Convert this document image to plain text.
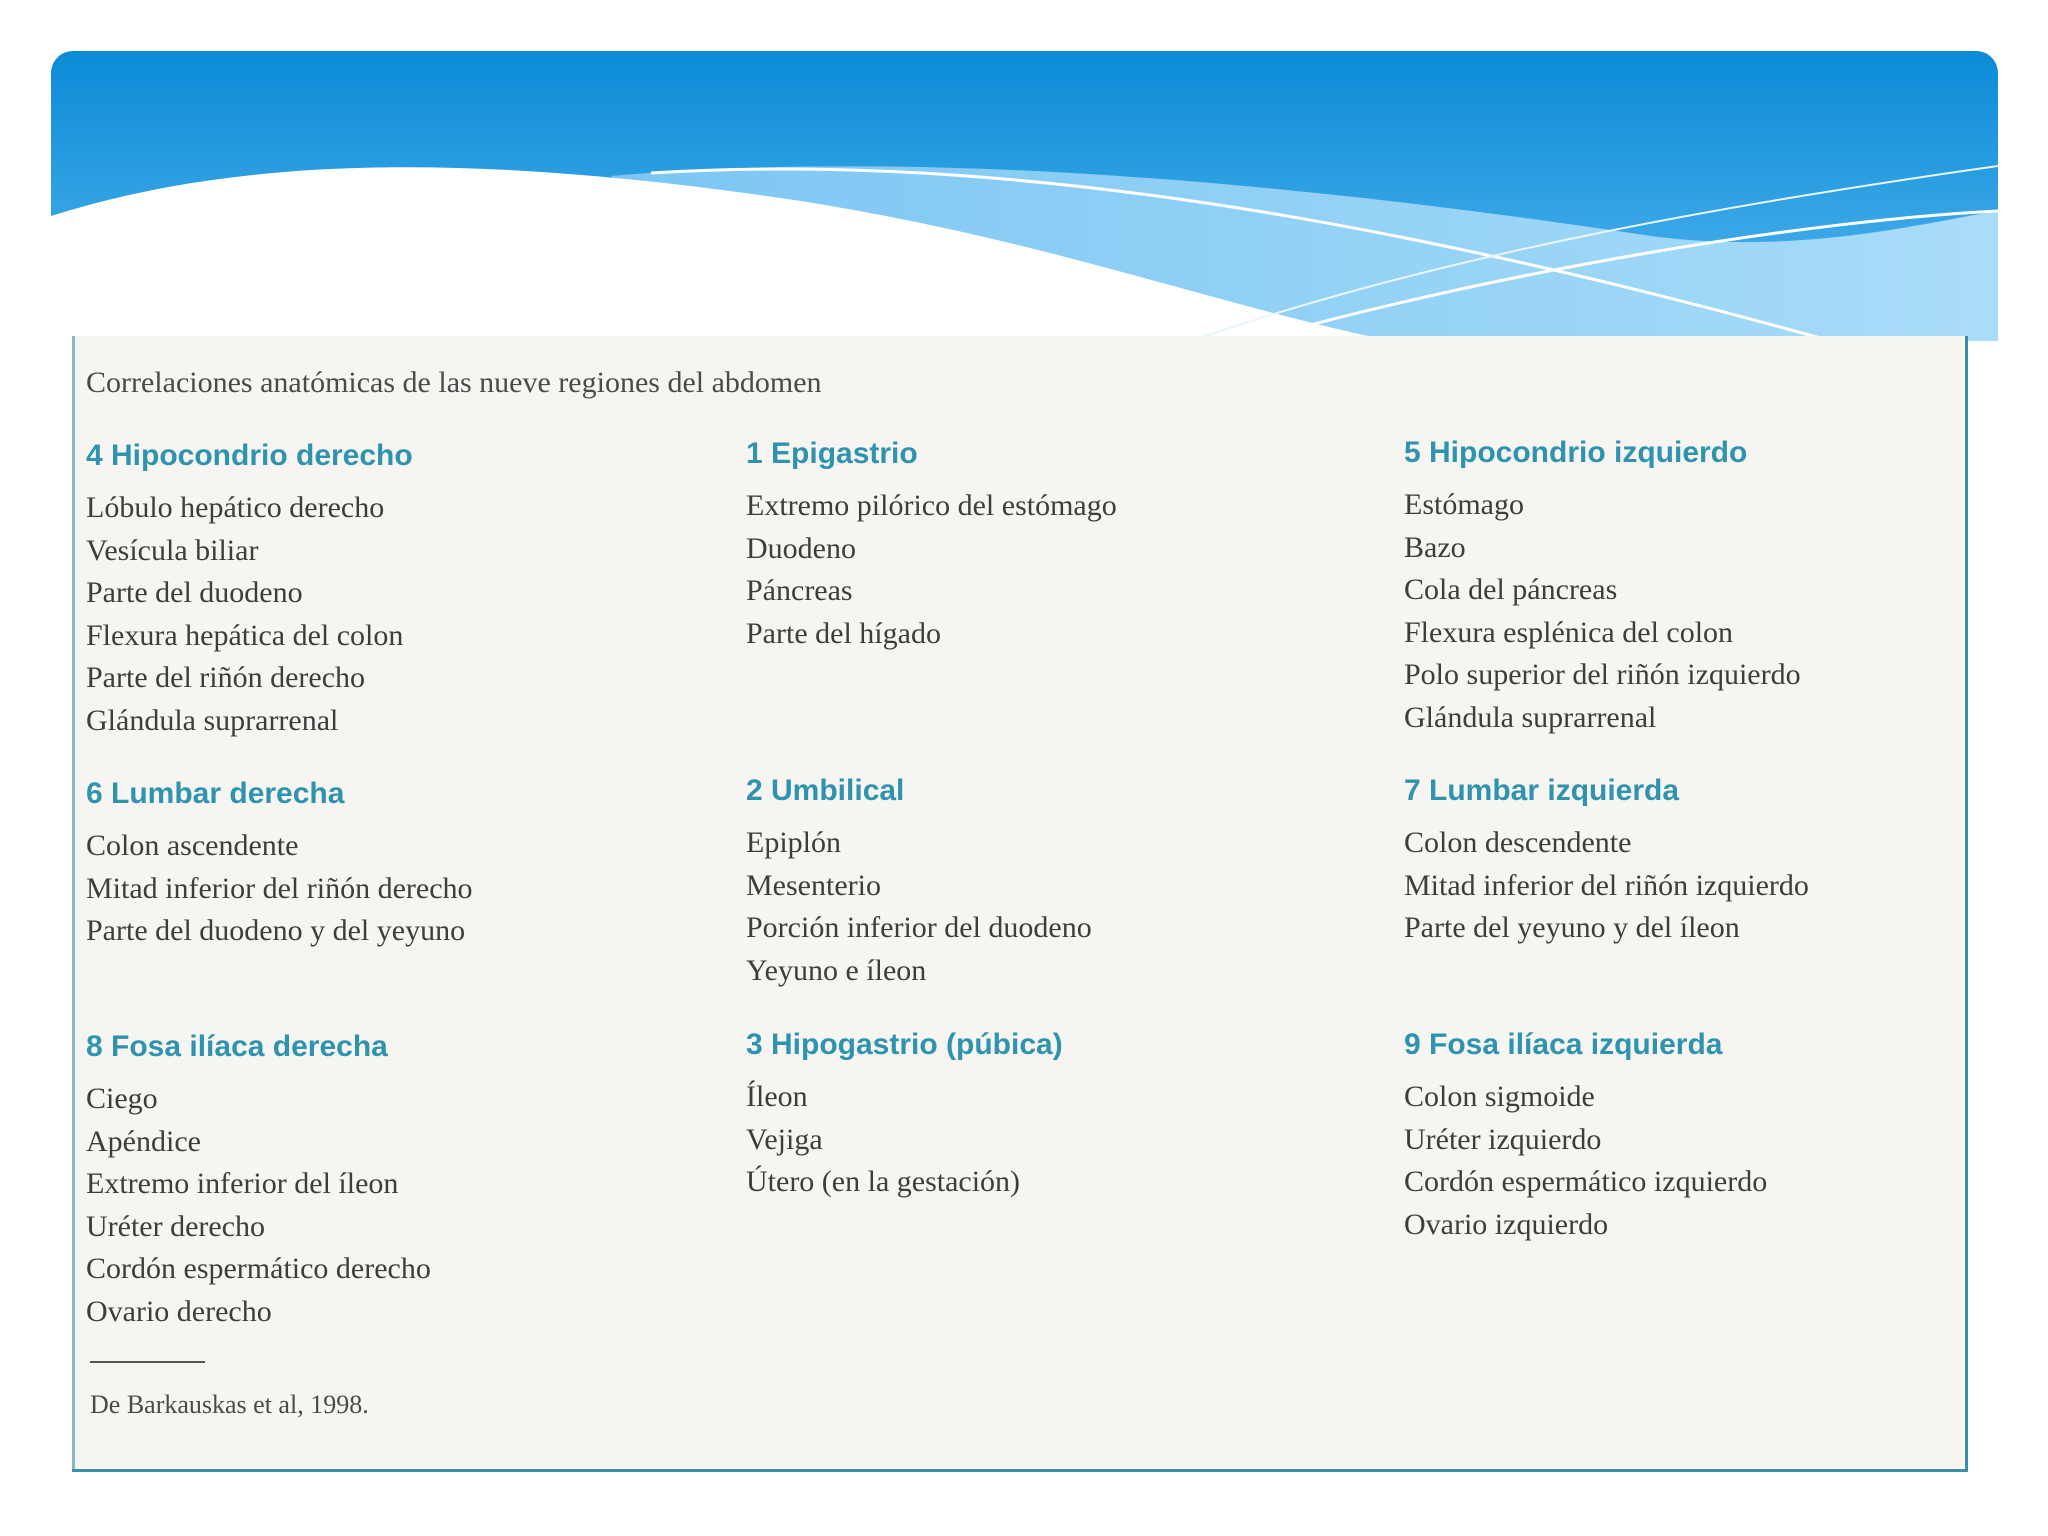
Correlaciones anatómicas de las nueve regiones del abdomen
4 Hipocondrio derecho
Lóbulo hepático derecho
Vesícula biliar
Parte del duodeno
Flexura hepática del colon
Parte del riñón derecho
Glándula suprarrenal
6 Lumbar derecha
Colon ascendente
Mitad inferior del riñón derecho
Parte del duodeno y del yeyuno
8 Fosa ilíaca derecha
Ciego
Apéndice
Extremo inferior del íleon
Uréter derecho
Cordón espermático derecho
Ovario derecho
1 Epigastrio
Extremo pilórico del estómago
Duodeno
Páncreas
Parte del hígado
2 Umbilical
Epiplón
Mesenterio
Porción inferior del duodeno
Yeyuno e íleon
3 Hipogastrio (púbica)
Íleon
Vejiga
Útero (en la gestación)
5 Hipocondrio izquierdo
Estómago
Bazo
Cola del páncreas
Flexura esplénica del colon
Polo superior del riñón izquierdo
Glándula suprarrenal
7 Lumbar izquierda
Colon descendente
Mitad inferior del riñón izquierdo
Parte del yeyuno y del íleon
9 Fosa ilíaca izquierda
Colon sigmoide
Uréter izquierdo
Cordón espermático izquierdo
Ovario izquierdo
De Barkauskas et al, 1998.
